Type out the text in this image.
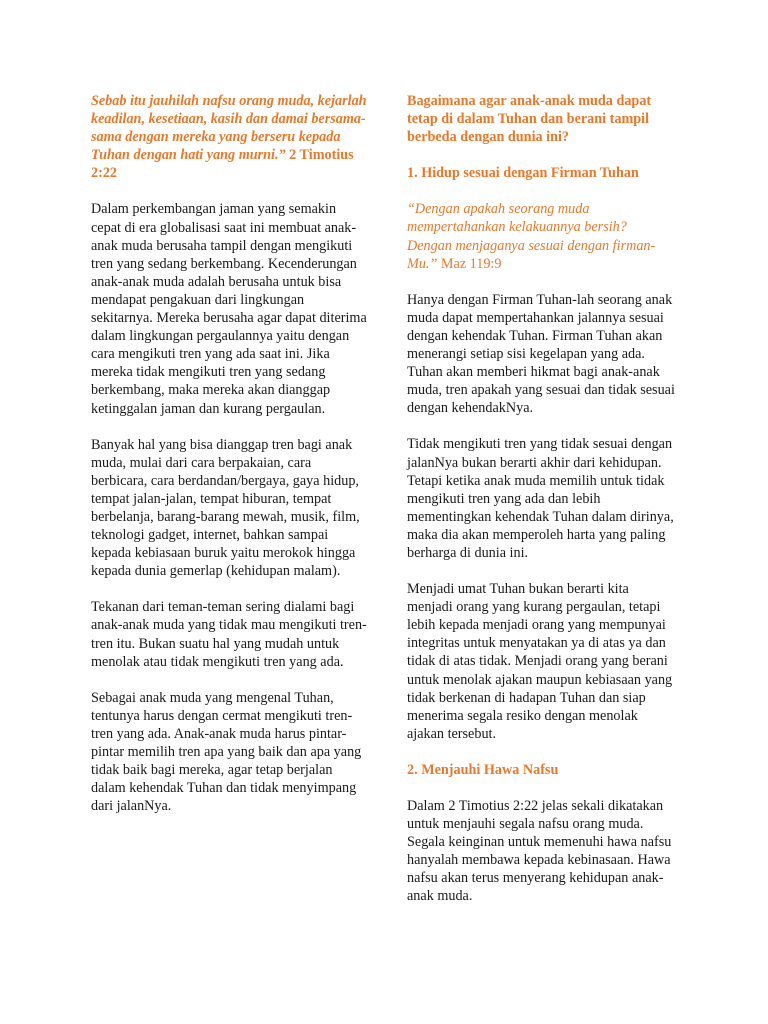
Sebab itu jauhilah nafsu orang muda, kejarlah keadilan, kesetiaan, kasih dan damai bersama-sama dengan mereka yang berseru kepada Tuhan dengan hati yang murni.” 2 Timotius 2:22

Dalam perkembangan jaman yang semakin cepat di era globalisasi saat ini membuat anak-anak muda berusaha tampil dengan mengikuti tren yang sedang berkembang. Kecenderungan anak-anak muda adalah berusaha untuk bisa mendapat pengakuan dari lingkungan sekitarnya. Mereka berusaha agar dapat diterima dalam lingkungan pergaulannya yaitu dengan cara mengikuti tren yang ada saat ini. Jika mereka tidak mengikuti tren yang sedang berkembang, maka mereka akan dianggap ketinggalan jaman dan kurang pergaulan.

Banyak hal yang bisa dianggap tren bagi anak muda, mulai dari cara berpakaian, cara berbicara, cara berdandan/bergaya, gaya hidup, tempat jalan-jalan, tempat hiburan, tempat berbelanja, barang-barang mewah, musik, film, teknologi gadget, internet, bahkan sampai kepada kebiasaan buruk yaitu merokok hingga kepada dunia gemerlap (kehidupan malam).

Tekanan dari teman-teman sering dialami bagi anak-anak muda yang tidak mau mengikuti tren-tren itu. Bukan suatu hal yang mudah untuk menolak atau tidak mengikuti tren yang ada.

Sebagai anak muda yang mengenal Tuhan, tentunya harus dengan cermat mengikuti tren-tren yang ada. Anak-anak muda harus pintar-pintar memilih tren apa yang baik dan apa yang tidak baik bagi mereka, agar tetap berjalan dalam kehendak Tuhan dan tidak menyimpang dari jalanNya.

Bagaimana agar anak-anak muda dapat tetap di dalam Tuhan dan berani tampil berbeda dengan dunia ini?

1. Hidup sesuai dengan Firman Tuhan

“Dengan apakah seorang muda mempertahankan kelakuannya bersih? Dengan menjaganya sesuai dengan firman-Mu.” Maz 119:9

Hanya dengan Firman Tuhan-lah seorang anak muda dapat mempertahankan jalannya sesuai dengan kehendak Tuhan. Firman Tuhan akan menerangi setiap sisi kegelapan yang ada. Tuhan akan memberi hikmat bagi anak-anak muda, tren apakah yang sesuai dan tidak sesuai dengan kehendakNya.

Tidak mengikuti tren yang tidak sesuai dengan jalanNya bukan berarti akhir dari kehidupan. Tetapi ketika anak muda memilih untuk tidak mengikuti tren yang ada dan lebih mementingkan kehendak Tuhan dalam dirinya, maka dia akan memperoleh harta yang paling berharga di dunia ini.

Menjadi umat Tuhan bukan berarti kita menjadi orang yang kurang pergaulan, tetapi lebih kepada menjadi orang yang mempunyai integritas untuk menyatakan ya di atas ya dan tidak di atas tidak. Menjadi orang yang berani untuk menolak ajakan maupun kebiasaan yang tidak berkenan di hadapan Tuhan dan siap menerima segala resiko dengan menolak ajakan tersebut.

2. Menjauhi Hawa Nafsu

Dalam 2 Timotius 2:22 jelas sekali dikatakan untuk menjauhi segala nafsu orang muda. Segala keinginan untuk memenuhi hawa nafsu hanyalah membawa kepada kebinasaan. Hawa nafsu akan terus menyerang kehidupan anak-anak muda.
